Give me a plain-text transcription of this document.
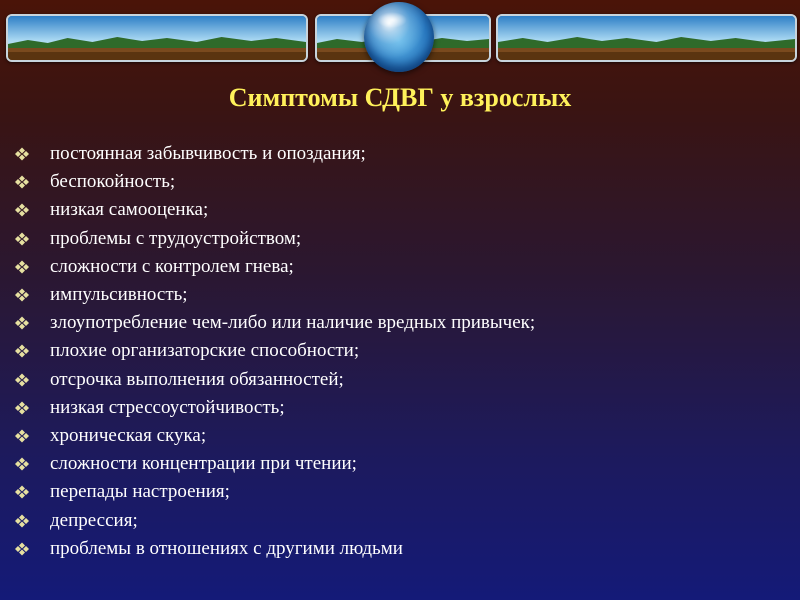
Симптомы СДВГ у взрослых
постоянная забывчивость и опоздания;
беспокойность;
низкая самооценка;
проблемы с трудоустройством;
сложности с контролем гнева;
импульсивность;
злоупотребление чем-либо или наличие вредных привычек;
плохие организаторские способности;
отсрочка выполнения обязанностей;
низкая стрессоустойчивость;
хроническая скука;
сложности концентрации при чтении;
перепады настроения;
депрессия;
проблемы в отношениях с другими людьми
